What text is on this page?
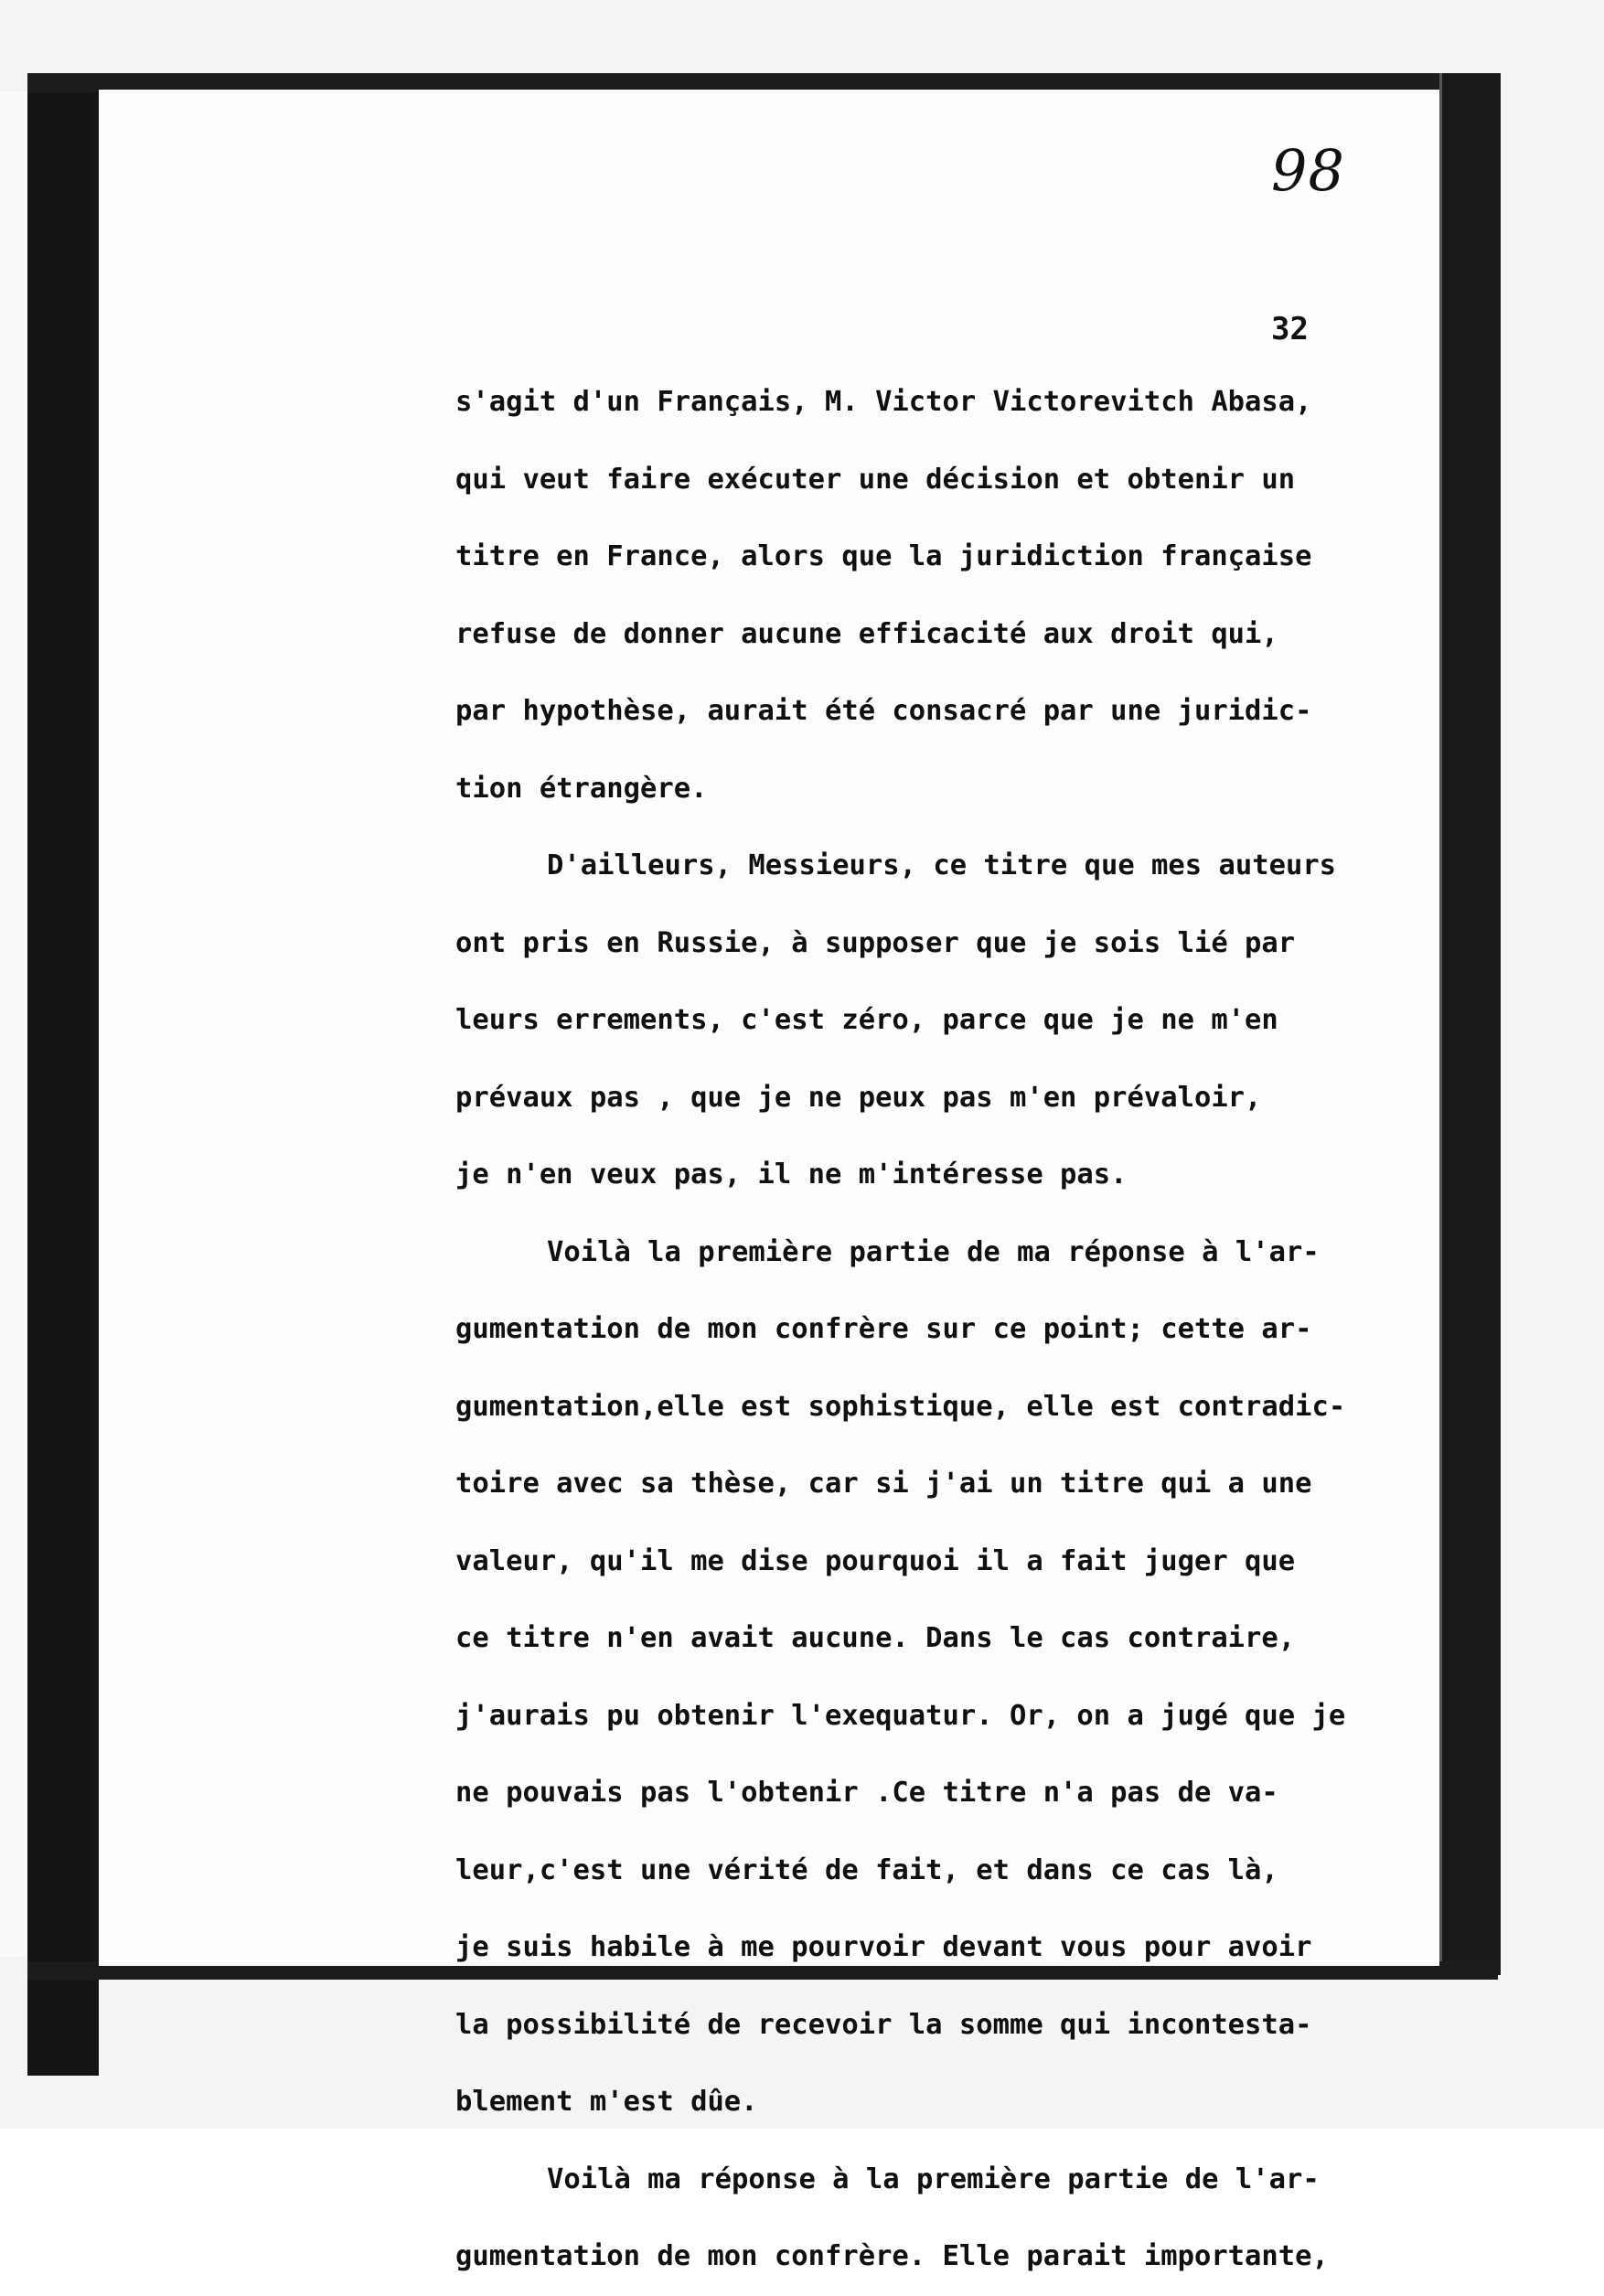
98
32
s'agit d'un Français, M. Victor Victorevitch Abasa,
qui veut faire exécuter une décision et obtenir un
titre en France, alors que la juridiction française
refuse de donner aucune efficacité aux droit qui,
par hypothèse, aurait été consacré par une juridic-
tion étrangère.
D'ailleurs, Messieurs, ce titre que mes auteurs
ont pris en Russie, à supposer que je sois lié par
leurs errements, c'est zéro, parce que je ne m'en
prévaux pas , que je ne peux pas m'en prévaloir,
je n'en veux pas, il ne m'intéresse pas.
Voilà la première partie de ma réponse à l'ar-
gumentation de mon confrère sur ce point; cette ar-
gumentation,elle est sophistique, elle est contradic-
toire avec sa thèse, car si j'ai un titre qui a une
valeur, qu'il me dise pourquoi il a fait juger que
ce titre n'en avait aucune. Dans le cas contraire,
j'aurais pu obtenir l'exequatur. Or, on a jugé que je
ne pouvais pas l'obtenir .Ce titre n'a pas de va-
leur,c'est une vérité de fait, et dans ce cas là,
je suis habile à me pourvoir devant vous pour avoir
la possibilité de recevoir la somme qui incontesta-
blement m'est dûe.
Voilà ma réponse à la première partie de l'ar-
gumentation de mon confrère. Elle parait importante,
